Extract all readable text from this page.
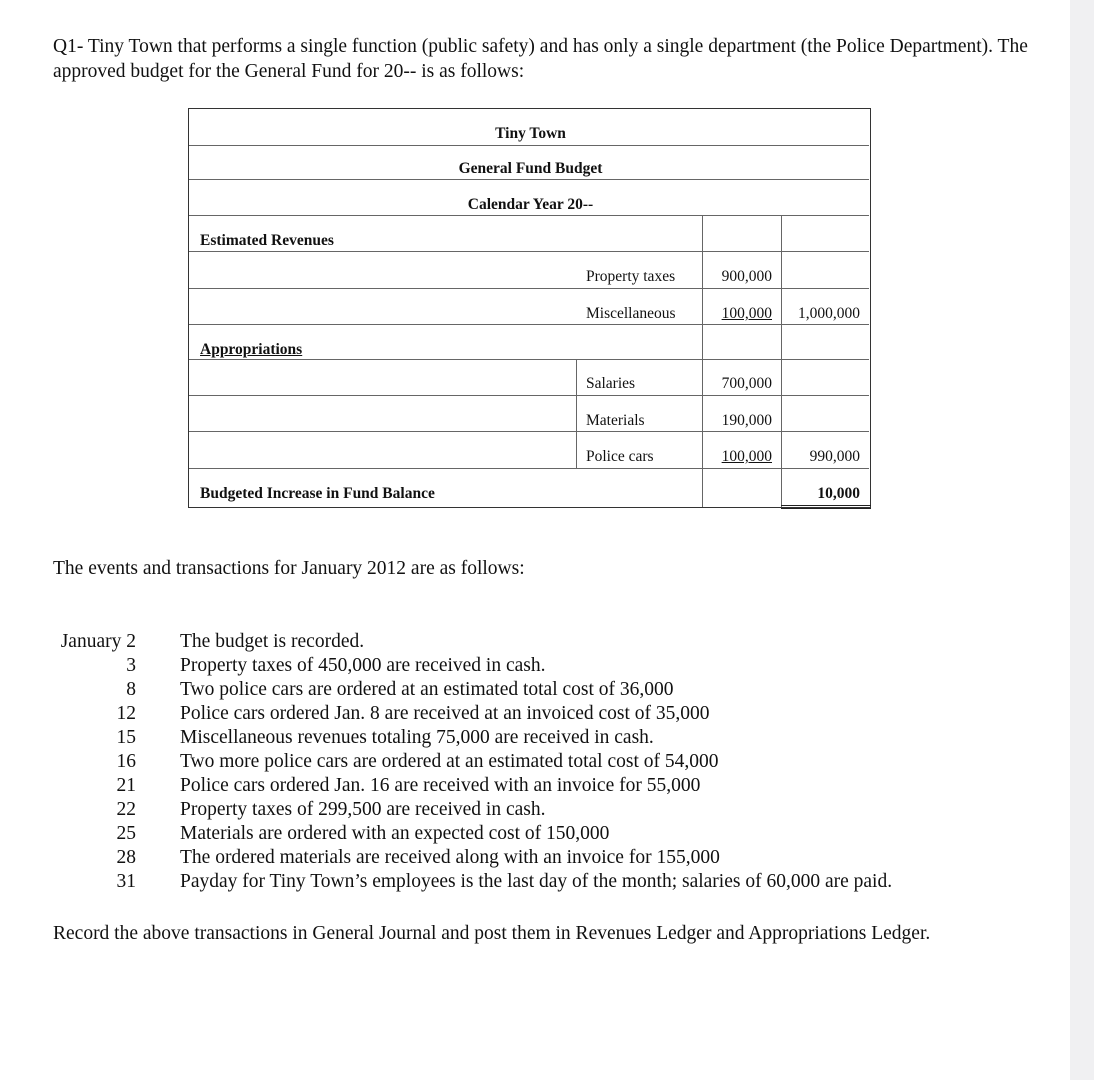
Q1- Tiny Town that performs a single function (public safety) and has only a single department (the Police Department). The approved budget for the General Fund for 20-- is as follows:

Tiny Town
General Fund Budget
Calendar Year 20--
Estimated Revenues
Property taxes	900,000
Miscellaneous	100,000	1,000,000
Appropriations
Salaries	700,000
Materials	190,000
Police cars	100,000	990,000
Budgeted Increase in Fund Balance	10,000

The events and transactions for January 2012 are as follows:

January 2 The budget is recorded.
3 Property taxes of 450,000 are received in cash.
8 Two police cars are ordered at an estimated total cost of 36,000
12 Police cars ordered Jan. 8 are received at an invoiced cost of 35,000
15 Miscellaneous revenues totaling 75,000 are received in cash.
16 Two more police cars are ordered at an estimated total cost of 54,000
21 Police cars ordered Jan. 16 are received with an invoice for 55,000
22 Property taxes of 299,500 are received in cash.
25 Materials are ordered with an expected cost of 150,000
28 The ordered materials are received along with an invoice for 155,000
31 Payday for Tiny Town’s employees is the last day of the month; salaries of 60,000 are paid.

Record the above transactions in General Journal and post them in Revenues Ledger and Appropriations Ledger.
